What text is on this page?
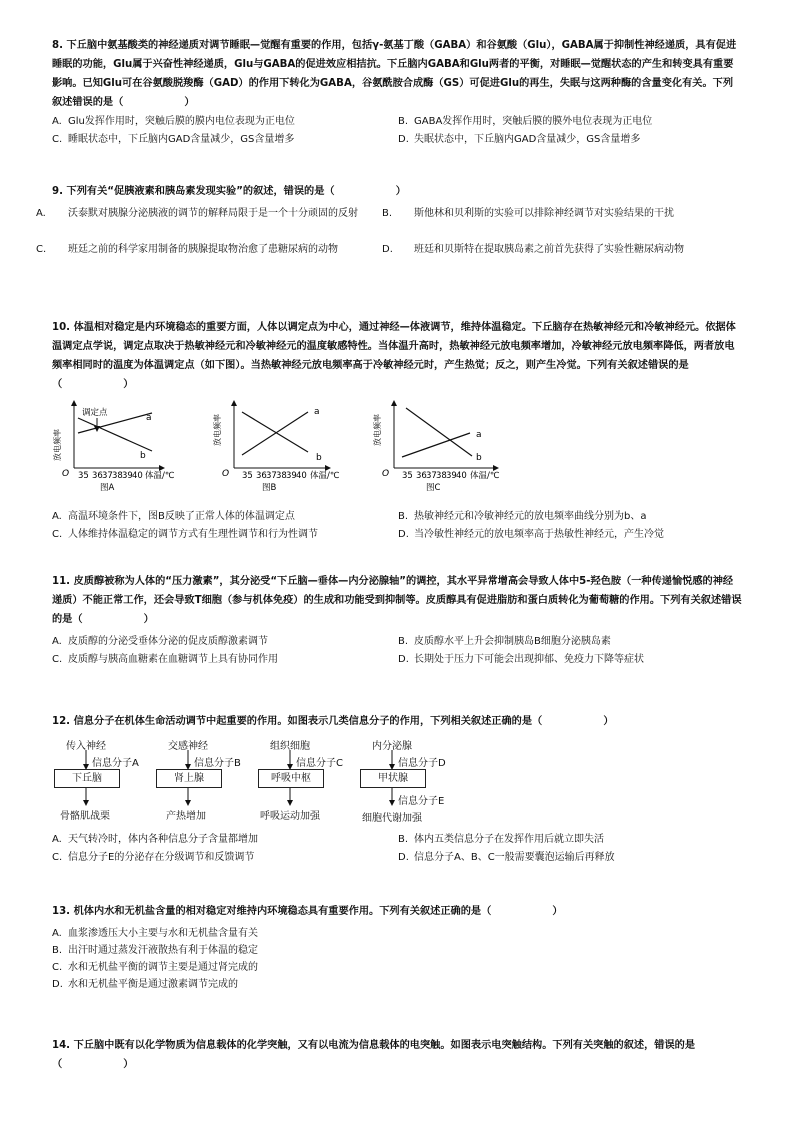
8. 下丘脑中氨基酸类的神经递质对调节睡眠—觉醒有重要的作用，包括γ-氨基丁酸（GABA）和谷氨酸（Glu），GABA属于抑制性神经递质，具有促进睡眠的功能，Glu属于兴奋性神经递质，Glu与GABA的促进效应相拮抗。下丘脑内GABA和Glu两者的平衡，对睡眠—觉醒状态的产生和转变具有重要影响。已知Glu可在谷氨酸脱羧酶（GAD）的作用下转化为GABA，谷氨酰胺合成酶（GS）可促进Glu的再生，失眠与这两种酶的含量变化有关。下列叙述错误的是（　　　　　　）

A. Glu发挥作用时，突触后膜的膜内电位表现为正电位	B. GABA发挥作用时，突触后膜的膜外电位表现为正电位
C. 睡眠状态中，下丘脑内GAD含量减少，GS含量增多	D. 失眠状态中，下丘脑内GAD含量减少，GS含量增多

9. 下列有关“促胰液素和胰岛素发现实验”的叙述，错误的是（　　　　　　）

A. 沃泰默对胰腺分泌胰液的调节的解释局限于是一个十分顽固的反射	B. 斯他林和贝利斯的实验可以排除神经调节对实验结果的干扰
C. 班廷之前的科学家用制备的胰腺提取物治愈了患糖尿病的动物	D. 班廷和贝斯特在提取胰岛素之前首先获得了实验性糖尿病动物

10. 体温相对稳定是内环境稳态的重要方面，人体以调定点为中心，通过神经—体液调节，维持体温稳定。下丘脑存在热敏神经元和冷敏神经元。依据体温调定点学说，调定点取决于热敏神经元和冷敏神经元的温度敏感特性。当体温升高时，热敏神经元放电频率增加，冷敏神经元放电频率降低，两者放电频率相同时的温度为体温调定点（如下图）。当热敏神经元放电频率高于冷敏神经元时，产生热觉；反之，则产生冷觉。下列有关叙述错误的是（　　　　　　）

放电频率
O
a
b
调定点
35 36 37 38 39 40 体温/℃
图A
放电频率
O
a
b
35 36 37 38 39 40 体温/℃
图B
放电频率
O
a
b
35 36 37 38 39 40 体温/℃
图C
A. 高温环境条件下，图B反映了正常人体的体温调定点	B. 热敏神经元和冷敏神经元的放电频率曲线分别为b、a
C. 人体维持体温稳定的调节方式有生理性调节和行为性调节	D. 当冷敏性神经元的放电频率高于热敏性神经元，产生冷觉

11. 皮质醇被称为人体的“压力激素”，其分泌受“下丘脑—垂体—内分泌腺轴”的调控，其水平异常增高会导致人体中5-羟色胺（一种传递愉悦感的神经递质）不能正常工作，还会导致T细胞（参与机体免疫）的生成和功能受到抑制等。皮质醇具有促进脂肪和蛋白质转化为葡萄糖的作用。下列有关叙述错误的是（　　　　　　）

A. 皮质醇的分泌受垂体分泌的促皮质醇激素调节	B. 皮质醇水平上升会抑制胰岛B细胞分泌胰岛素
C. 皮质醇与胰高血糖素在血糖调节上具有协同作用	D. 长期处于压力下可能会出现抑郁、免疫力下降等症状

12. 信息分子在机体生命活动调节中起重要的作用。如图表示几类信息分子的作用，下列相关叙述正确的是（　　　　　　）

传入神经
信息分子A
下丘脑
骨骼肌战栗
交感神经
信息分子B
肾上腺
产热增加
组织细胞
信息分子C
呼吸中枢
呼吸运动加强
内分泌腺
信息分子D
甲状腺
信息分子E
细胞代谢加强
A. 天气转冷时，体内各种信息分子含量都增加	B. 体内五类信息分子在发挥作用后就立即失活
C. 信息分子E的分泌存在分级调节和反馈调节	D. 信息分子A、B、C一般需要囊泡运输后再释放

13. 机体内水和无机盐含量的相对稳定对维持内环境稳态具有重要作用。下列有关叙述正确的是（　　　　　　）

A. 血浆渗透压大小主要与水和无机盐含量有关
B. 出汗时通过蒸发汗液散热有利于体温的稳定
C. 水和无机盐平衡的调节主要是通过肾完成的
D. 水和无机盐平衡是通过激素调节完成的

14. 下丘脑中既有以化学物质为信息载体的化学突触，又有以电流为信息载体的电突触。如图表示电突触结构。下列有关突触的叙述，错误的是（　　　　　　）
